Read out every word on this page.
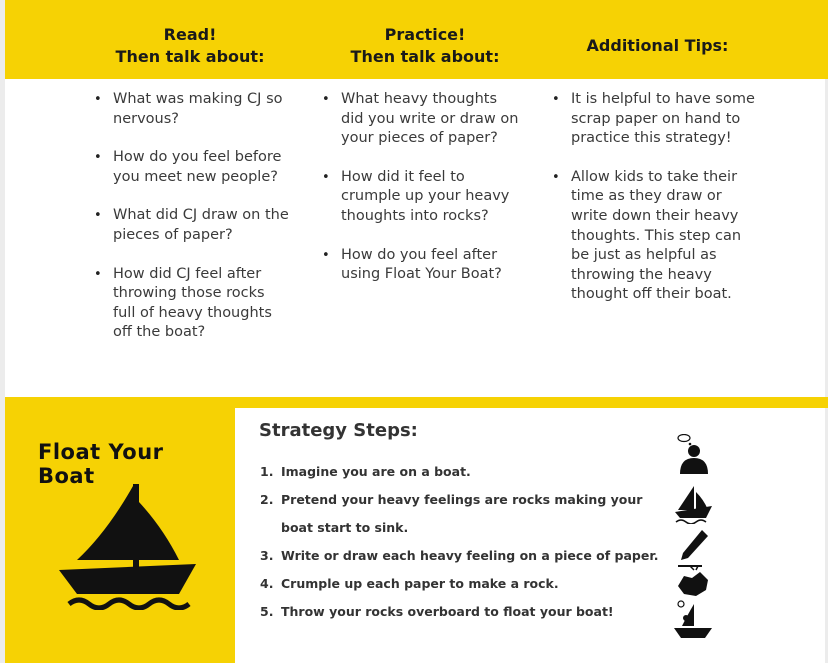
Read!
Then talk about:
Practice!
Then talk about:
Additional Tips:
• What was making CJ so nervous?
• How do you feel before you meet new people?
• What did CJ draw on the pieces of paper?
• How did CJ feel after throwing those rocks full of heavy thoughts off the boat?
• What heavy thoughts did you write or draw on your pieces of paper?
• How did it feel to crumple up your heavy thoughts into rocks?
• How do you feel after using Float Your Boat?
• It is helpful to have some scrap paper on hand to practice this strategy!
• Allow kids to take their time as they draw or write down their heavy thoughts. This step can be just as helpful as throwing the heavy thought off their boat.
Float Your Boat
Strategy Steps:
1. Imagine you are on a boat.
2. Pretend your heavy feelings are rocks making your boat start to sink.
3. Write or draw each heavy feeling on a piece of paper.
4. Crumple up each paper to make a rock.
5. Throw your rocks overboard to float your boat!
